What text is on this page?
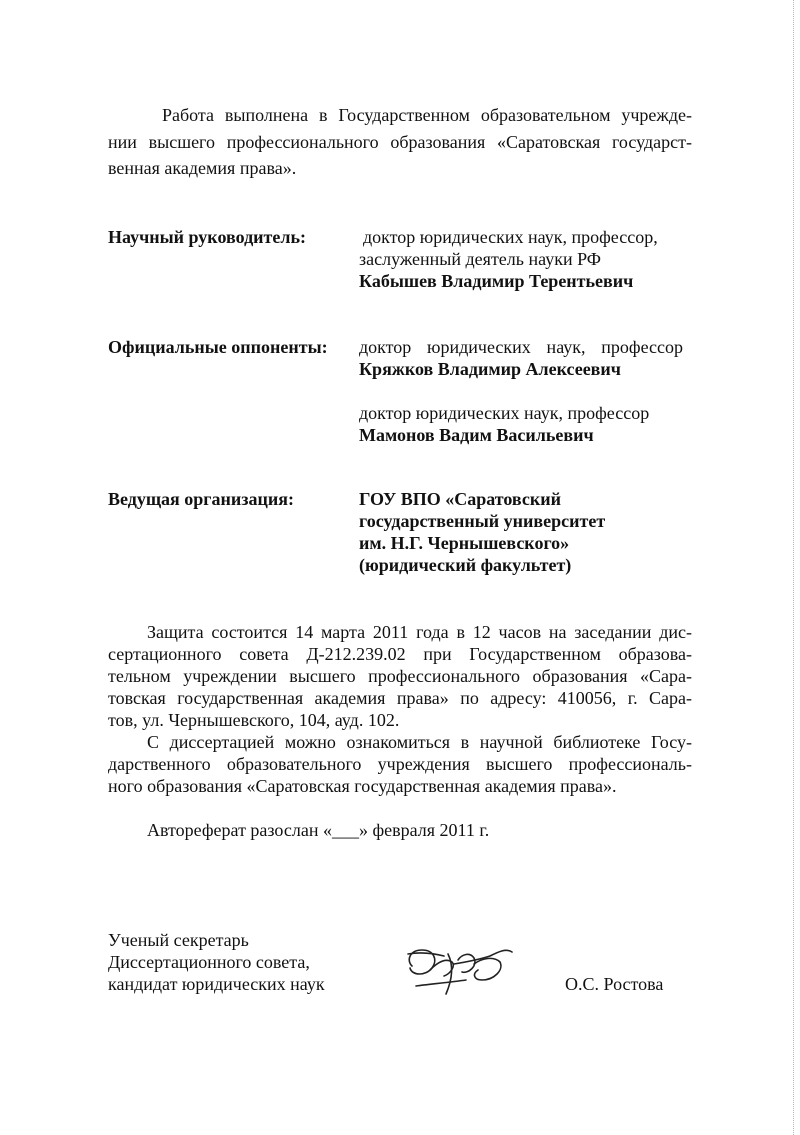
Работа выполнена в Государственном образовательном учрежде-
нии высшего профессионального образования «Саратовская государст-
венная академия права».
Научный руководитель:	доктор юридических наук, профессор,
заслуженный деятель науки РФ
Кабышев Владимир Терентьевич
Официальные оппоненты: доктор юридических наук, профессор
Кряжков Владимир Алексеевич
доктор юридических наук, профессор
Мамонов Вадим Васильевич
Ведущая организация:	ГОУ ВПО «Саратовский
государственный университет
им. Н.Г. Чернышевского»
(юридический факультет)
Защита состоится 14 марта 2011 года в 12 часов на заседании дис-
сертационного совета Д-212.239.02 при Государственном образова-
тельном учреждении высшего профессионального образования «Сара-
товская государственная академия права» по адресу: 410056, г. Сара-
тов, ул. Чернышевского, 104, ауд. 102.
С диссертацией можно ознакомиться в научной библиотеке Госу-
дарственного образовательного учреждения высшего профессиональ-
ного образования «Саратовская государственная академия права».
Автореферат разослан «___» февраля 2011 г.
Ученый секретарь
Диссертационного совета,
кандидат юридических наук	О.С. Ростова
